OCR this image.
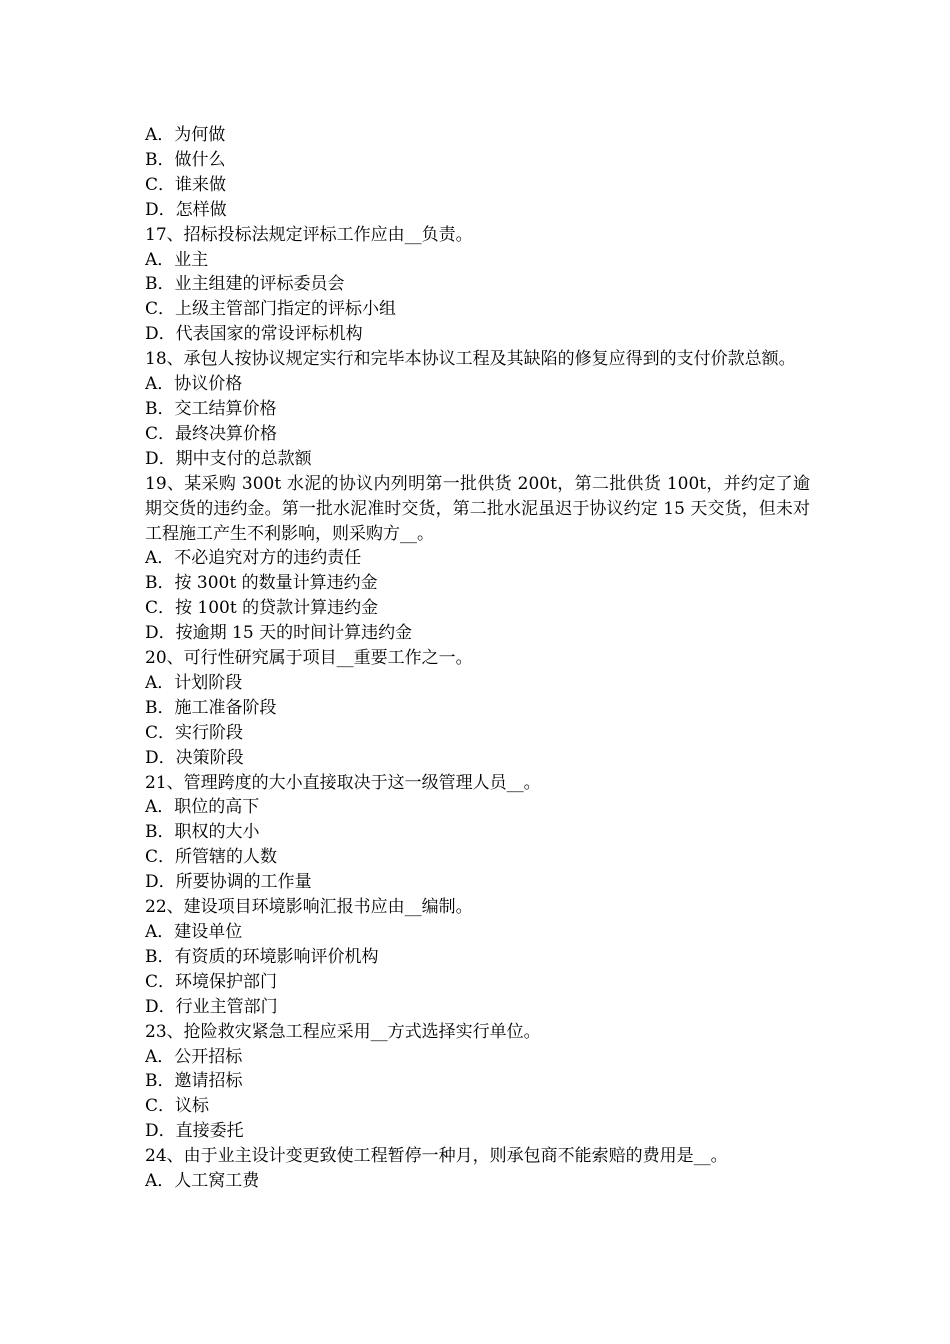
A．为何做
B．做什么
C．谁来做
D．怎样做
17、招标投标法规定评标工作应由__负责。
A．业主
B．业主组建的评标委员会
C．上级主管部门指定的评标小组
D．代表国家的常设评标机构
18、承包人按协议规定实行和完毕本协议工程及其缺陷的修复应得到的支付价款总额。
A．协议价格
B．交工结算价格
C．最终决算价格
D．期中支付的总款额
19、某采购 300t 水泥的协议内列明第一批供货 200t，第二批供货 100t，并约定了逾期交货的违约金。第一批水泥准时交货，第二批水泥虽迟于协议约定 15 天交货，但未对工程施工产生不利影响，则采购方__。
A．不必追究对方的违约责任
B．按 300t 的数量计算违约金
C．按 100t 的贷款计算违约金
D．按逾期 15 天的时间计算违约金
20、可行性研究属于项目__重要工作之一。
A．计划阶段
B．施工准备阶段
C．实行阶段
D．决策阶段
21、管理跨度的大小直接取决于这一级管理人员__。
A．职位的高下
B．职权的大小
C．所管辖的人数
D．所要协调的工作量
22、建设项目环境影响汇报书应由__编制。
A．建设单位
B．有资质的环境影响评价机构
C．环境保护部门
D．行业主管部门
23、抢险救灾紧急工程应采用__方式选择实行单位。
A．公开招标
B．邀请招标
C．议标
D．直接委托
24、由于业主设计变更致使工程暂停一种月，则承包商不能索赔的费用是__。
A．人工窝工费
